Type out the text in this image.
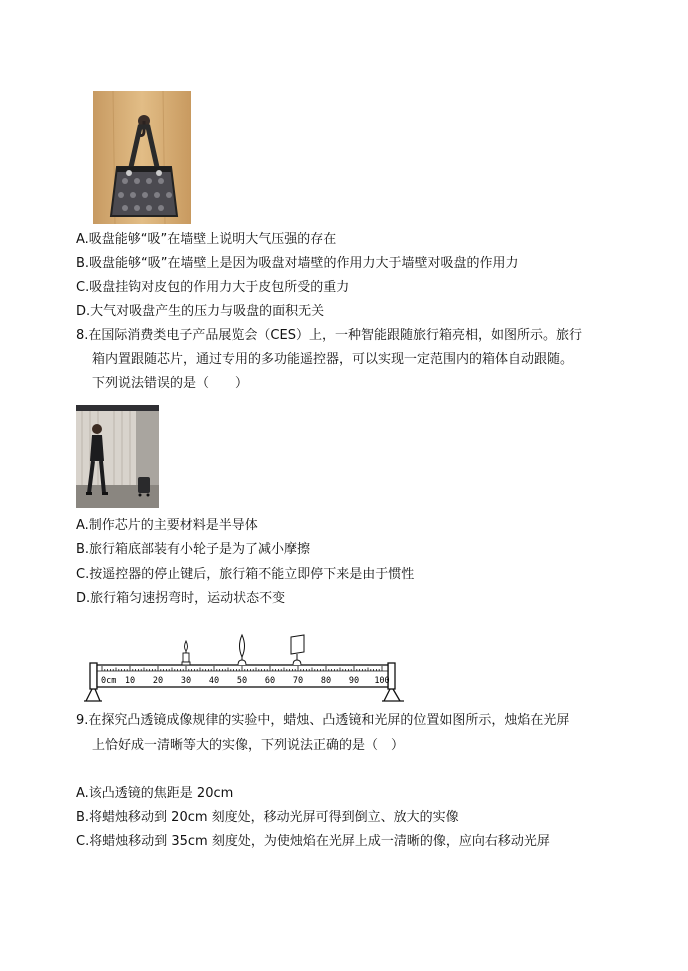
A.吸盘能够“吸”在墙壁上说明大气压强的存在
B.吸盘能够“吸”在墙壁上是因为吸盘对墙壁的作用力大于墙壁对吸盘的作用力
C.吸盘挂钩对皮包的作用力大于皮包所受的重力
D.大气对吸盘产生的压力与吸盘的面积无关
8.在国际消费类电子产品展览会（CES）上，一种智能跟随旅行箱亮相，如图所示。旅行
箱内置跟随芯片，通过专用的多功能遥控器，可以实现一定范围内的箱体自动跟随。
下列说法错误的是（　　）
A.制作芯片的主要材料是半导体
B.旅行箱底部装有小轮子是为了减小摩擦
C.按遥控器的停止键后，旅行箱不能立即停下来是由于惯性
D.旅行箱匀速拐弯时，运动状态不变
0cm 10 20 30 40 50 60 70 80 90 100
9.在探究凸透镜成像规律的实验中，蜡烛、凸透镜和光屏的位置如图所示，烛焰在光屏
上恰好成一清晰等大的实像，下列说法正确的是（　）
A.该凸透镜的焦距是 20cm
B.将蜡烛移动到 20cm 刻度处，移动光屏可得到倒立、放大的实像
C.将蜡烛移动到 35cm 刻度处，为使烛焰在光屏上成一清晰的像，应向右移动光屏
